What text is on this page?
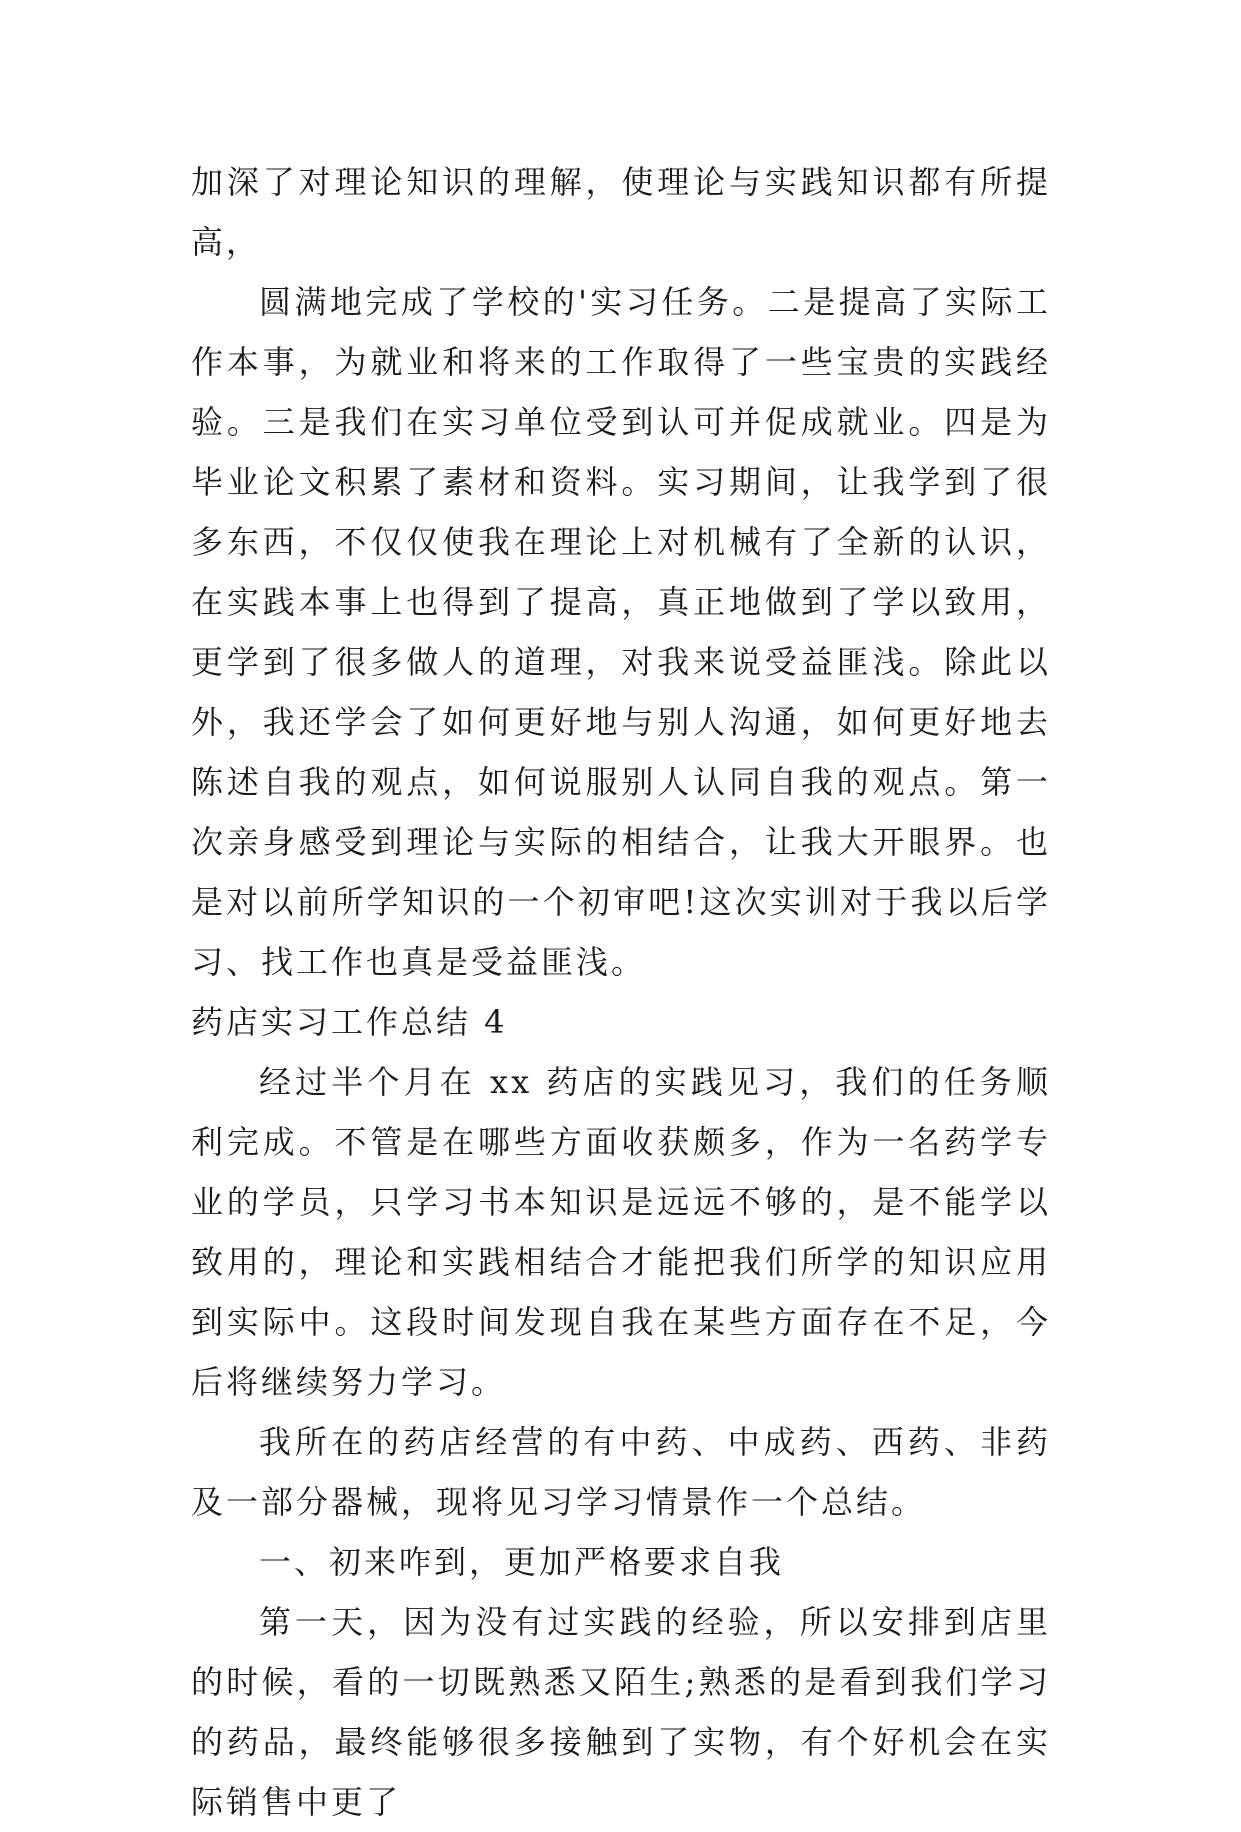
加深了对理论知识的理解，使理论与实践知识都有所提高，

圆满地完成了学校的'实习任务。二是提高了实际工作本事，为就业和将来的工作取得了一些宝贵的实践经验。三是我们在实习单位受到认可并促成就业。四是为毕业论文积累了素材和资料。实习期间，让我学到了很多东西，不仅仅使我在理论上对机械有了全新的认识，在实践本事上也得到了提高，真正地做到了学以致用，更学到了很多做人的道理，对我来说受益匪浅。除此以外，我还学会了如何更好地与别人沟通，如何更好地去陈述自我的观点，如何说服别人认同自我的观点。第一次亲身感受到理论与实际的相结合，让我大开眼界。也是对以前所学知识的一个初审吧!这次实训对于我以后学习、找工作也真是受益匪浅。

药店实习工作总结 4

经过半个月在 xx 药店的实践见习，我们的任务顺利完成。不管是在哪些方面收获颇多，作为一名药学专业的学员，只学习书本知识是远远不够的，是不能学以致用的，理论和实践相结合才能把我们所学的知识应用到实际中。这段时间发现自我在某些方面存在不足，今后将继续努力学习。

我所在的药店经营的有中药、中成药、西药、非药及一部分器械，现将见习学习情景作一个总结。

一、初来咋到，更加严格要求自我

第一天，因为没有过实践的经验，所以安排到店里的时候，看的一切既熟悉又陌生;熟悉的是看到我们学习的药品，最终能够很多接触到了实物，有个好机会在实际销售中更了
